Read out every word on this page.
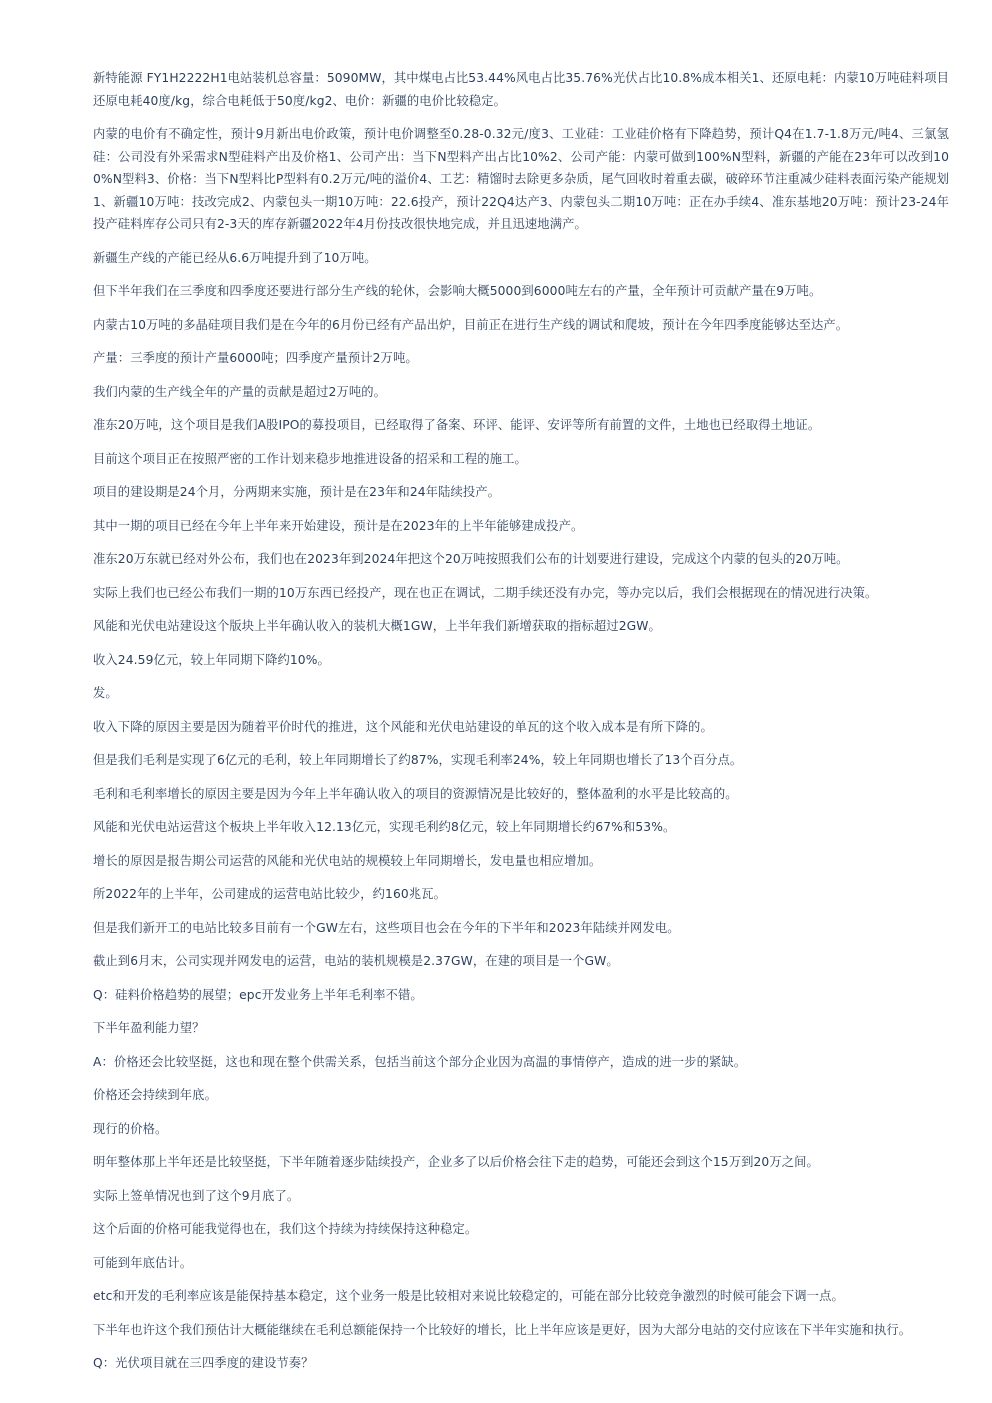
新特能源 FY1H2222H1电站装机总容量：5090MW，其中煤电占比53.44%风电占比35.76%光伏占比10.8%成本相关1、还原电耗：内蒙10万吨硅料项目还原电耗40度/kg，综合电耗低于50度/kg2、电价：新疆的电价比较稳定。

内蒙的电价有不确定性，预计9月新出电价政策，预计电价调整至0.28-0.32元/度3、工业硅：工业硅价格有下降趋势，预计Q4在1.7-1.8万元/吨4、三氯氢硅：公司没有外采需求N型硅料产出及价格1、公司产出：当下N型料产出占比10%2、公司产能：内蒙可做到100%N型料，新疆的产能在23年可以改到100%N型料3、价格：当下N型料比P型料有0.2万元/吨的溢价4、工艺：精馏时去除更多杂质，尾气回收时着重去碳，破碎环节注重减少硅料表面污染产能规划1、新疆10万吨：技改完成2、内蒙包头一期10万吨：22.6投产，预计22Q4达产3、内蒙包头二期10万吨：正在办手续4、准东基地20万吨：预计23-24年投产硅料库存公司只有2-3天的库存新疆2022年4月份技改很快地完成，并且迅速地满产。

新疆生产线的产能已经从6.6万吨提升到了10万吨。

但下半年我们在三季度和四季度还要进行部分生产线的轮休，会影响大概5000到6000吨左右的产量，全年预计可贡献产量在9万吨。

内蒙古10万吨的多晶硅项目我们是在今年的6月份已经有产品出炉，目前正在进行生产线的调试和爬坡，预计在今年四季度能够达至达产。

产量：三季度的预计产量6000吨；四季度产量预计2万吨。

我们内蒙的生产线全年的产量的贡献是超过2万吨的。

准东20万吨，这个项目是我们A股IPO的募投项目，已经取得了备案、环评、能评、安评等所有前置的文件，土地也已经取得土地证。

目前这个项目正在按照严密的工作计划来稳步地推进设备的招采和工程的施工。

项目的建设期是24个月，分两期来实施，预计是在23年和24年陆续投产。

其中一期的项目已经在今年上半年来开始建设，预计是在2023年的上半年能够建成投产。

准东20万东就已经对外公布，我们也在2023年到2024年把这个20万吨按照我们公布的计划要进行建设，完成这个内蒙的包头的20万吨。

实际上我们也已经公布我们一期的10万东西已经投产，现在也正在调试，二期手续还没有办完，等办完以后，我们会根据现在的情况进行决策。

风能和光伏电站建设这个版块上半年确认收入的装机大概1GW，上半年我们新增获取的指标超过2GW。

收入24.59亿元，较上年同期下降约10%。

发。

收入下降的原因主要是因为随着平价时代的推进，这个风能和光伏电站建设的单瓦的这个收入成本是有所下降的。

但是我们毛利是实现了6亿元的毛利，较上年同期增长了约87%，实现毛利率24%，较上年同期也增长了13个百分点。

毛利和毛利率增长的原因主要是因为今年上半年确认收入的项目的资源情况是比较好的，整体盈利的水平是比较高的。

风能和光伏电站运营这个板块上半年收入12.13亿元，实现毛利约8亿元，较上年同期增长约67%和53%。

增长的原因是报告期公司运营的风能和光伏电站的规模较上年同期增长，发电量也相应增加。

所2022年的上半年，公司建成的运营电站比较少，约160兆瓦。

但是我们新开工的电站比较多目前有一个GW左右，这些项目也会在今年的下半年和2023年陆续并网发电。

截止到6月末，公司实现并网发电的运营，电站的装机规模是2.37GW，在建的项目是一个GW。

Q：硅料价格趋势的展望；epc开发业务上半年毛利率不错。

下半年盈利能力望？

A：价格还会比较坚挺，这也和现在整个供需关系，包括当前这个部分企业因为高温的事情停产，造成的进一步的紧缺。

价格还会持续到年底。

现行的价格。

明年整体那上半年还是比较坚挺，下半年随着逐步陆续投产，企业多了以后价格会往下走的趋势，可能还会到这个15万到20万之间。

实际上签单情况也到了这个9月底了。

这个后面的价格可能我觉得也在，我们这个持续为持续保持这种稳定。

可能到年底估计。

etc和开发的毛利率应该是能保持基本稳定，这个业务一般是比较相对来说比较稳定的，可能在部分比较竞争激烈的时候可能会下调一点。

下半年也许这个我们预估计大概能继续在毛利总额能保持一个比较好的增长，比上半年应该是更好，因为大部分电站的交付应该在下半年实施和执行。

Q：光伏项目就在三四季度的建设节奏？
